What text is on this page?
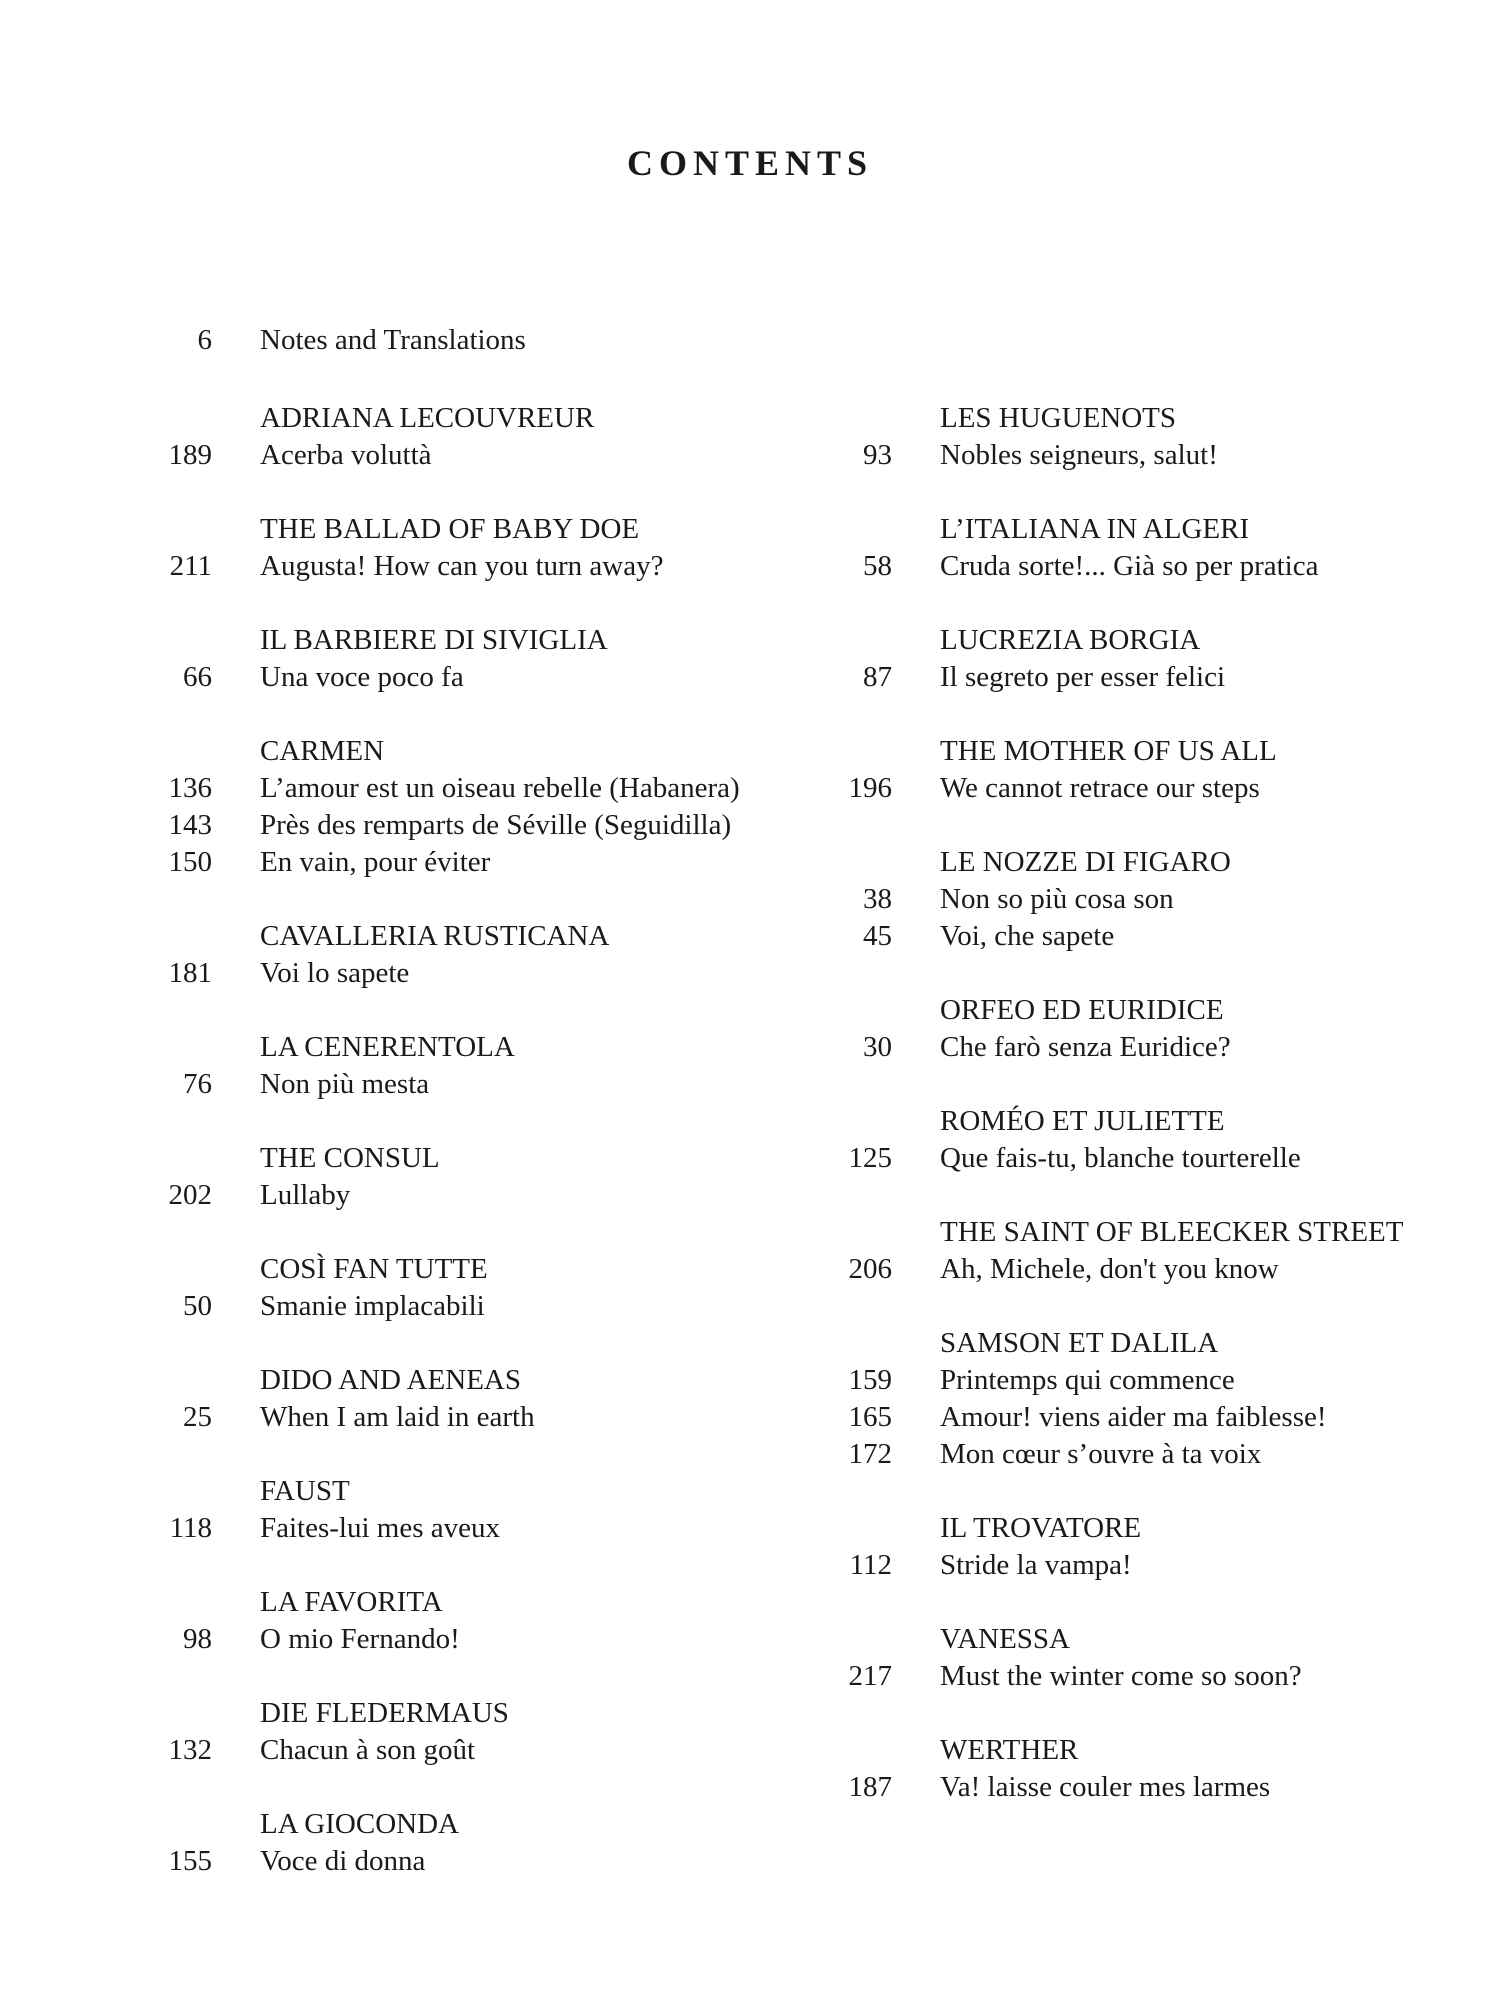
CONTENTS
6	Notes and Translations
ADRIANA LECOUVREUR
189	Acerba voluttà
THE BALLAD OF BABY DOE
211	Augusta! How can you turn away?
IL BARBIERE DI SIVIGLIA
66	Una voce poco fa
CARMEN
136	L’amour est un oiseau rebelle (Habanera)
143	Près des remparts de Séville (Seguidilla)
150	En vain, pour éviter
CAVALLERIA RUSTICANA
181	Voi lo sapete
LA CENERENTOLA
76	Non più mesta
THE CONSUL
202	Lullaby
COSÌ FAN TUTTE
50	Smanie implacabili
DIDO AND AENEAS
25	When I am laid in earth
FAUST
118	Faites-lui mes aveux
LA FAVORITA
98	O mio Fernando!
DIE FLEDERMAUS
132	Chacun à son goût
LA GIOCONDA
155	Voce di donna
LES HUGUENOTS
93	Nobles seigneurs, salut!
L’ITALIANA IN ALGERI
58	Cruda sorte!... Già so per pratica
LUCREZIA BORGIA
87	Il segreto per esser felici
THE MOTHER OF US ALL
196	We cannot retrace our steps
LE NOZZE DI FIGARO
38	Non so più cosa son
45	Voi, che sapete
ORFEO ED EURIDICE
30	Che farò senza Euridice?
ROMÉO ET JULIETTE
125	Que fais-tu, blanche tourterelle
THE SAINT OF BLEECKER STREET
206	Ah, Michele, don't you know
SAMSON ET DALILA
159	Printemps qui commence
165	Amour! viens aider ma faiblesse!
172	Mon cœur s’ouvre à ta voix
IL TROVATORE
112	Stride la vampa!
VANESSA
217	Must the winter come so soon?
WERTHER
187	Va! laisse couler mes larmes
